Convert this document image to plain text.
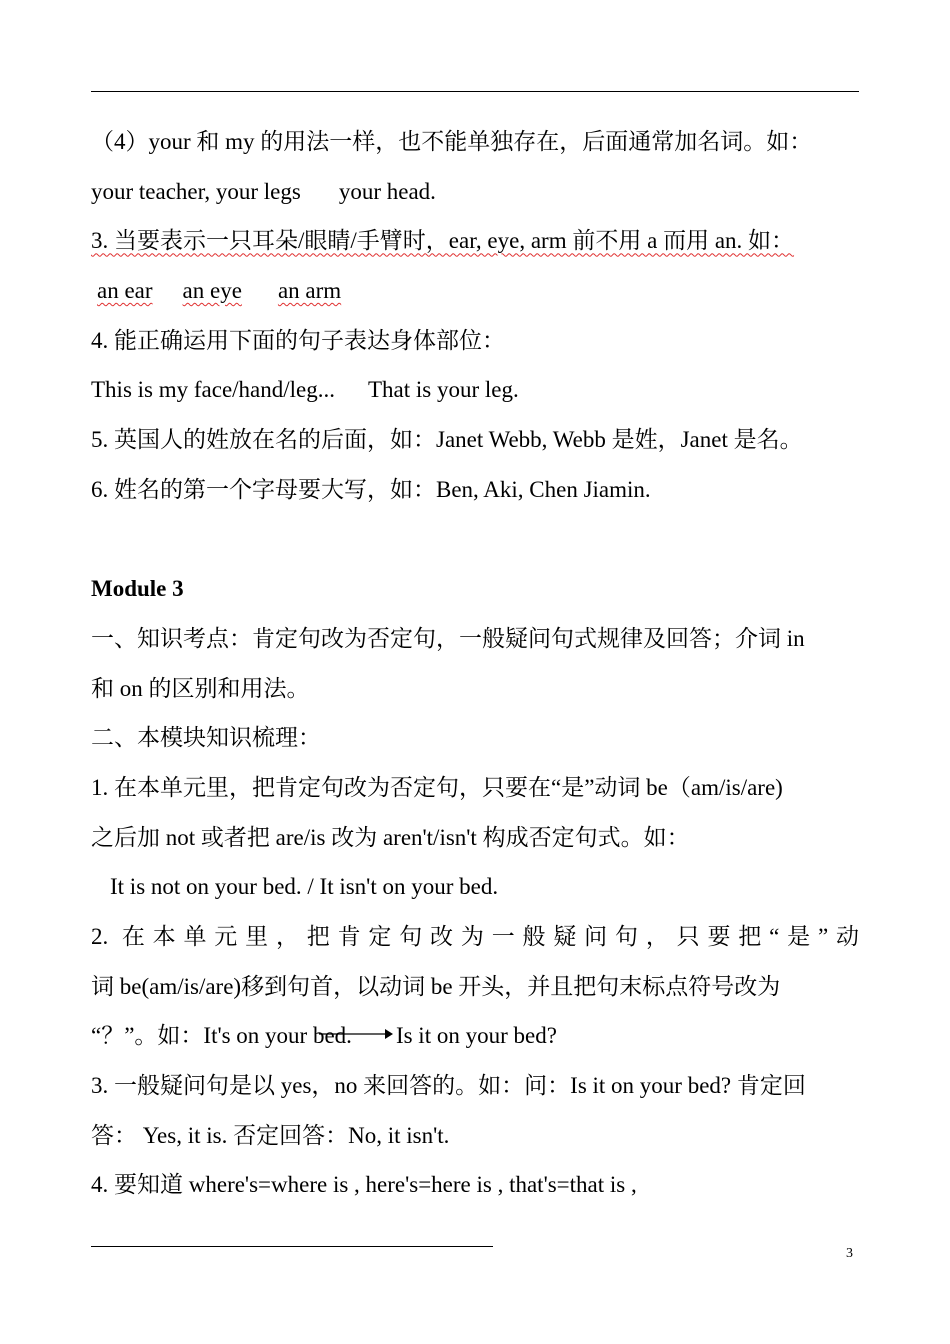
（4）your 和 my 的用法一样，也不能单独存在，后面通常加名词。如：
your teacher, your legs your head.
3. 当要表示一只耳朵/眼睛/手臂时，ear, eye, arm 前不用 a 而用 an. 如：
an ear an eye an arm
4. 能正确运用下面的句子表达身体部位：
This is my face/hand/leg... That is your leg.
5. 英国人的姓放在名的后面，如：Janet Webb, Webb 是姓，Janet 是名。
6. 姓名的第一个字母要大写，如：Ben, Aki, Chen Jiamin.
Module 3
一、知识考点：肯定句改为否定句，一般疑问句式规律及回答；介词 in
和 on 的区别和用法。
二、本模块知识梳理：
1. 在本单元里，把肯定句改为否定句，只要在“是”动词 be（am/is/are)
之后加 not 或者把 are/is 改为 aren't/isn't 构成否定句式。如：
It is not on your bed. / It isn't on your bed.
2. 在本单元里，把肯定句改为一般疑问句，只要把“是”动
词 be(am/is/are)移到句首，以动词 be 开头，并且把句末标点符号改为
“？”。如：It's on your bed. Is it on your bed?
3. 一般疑问句是以 yes，no 来回答的。如：问：Is it on your bed? 肯定回
答： Yes, it is. 否定回答：No, it isn't.
4. 要知道 where's=where is , here's=here is , that's=that is ,
3
